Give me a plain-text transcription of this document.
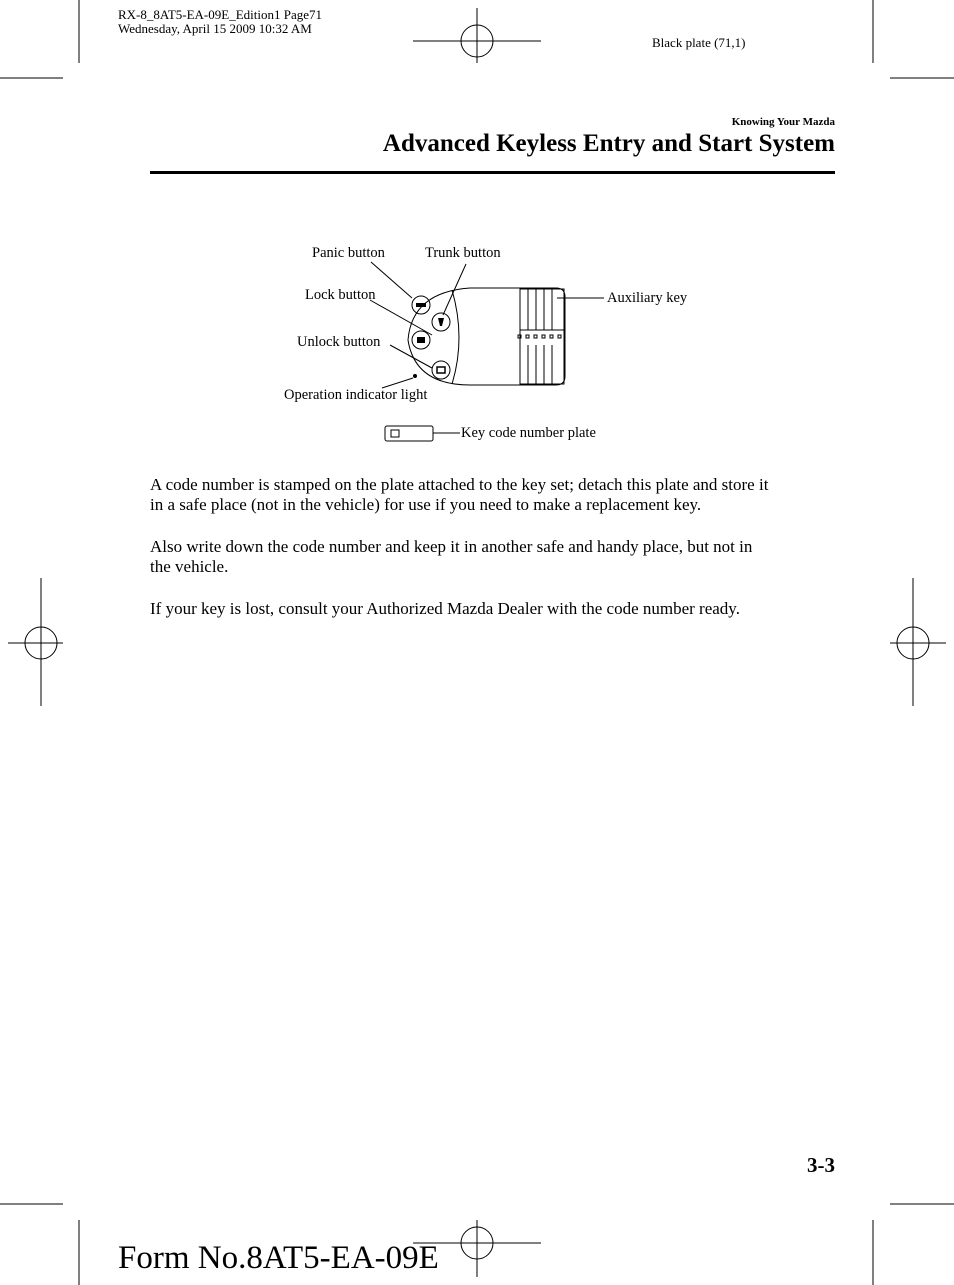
RX-8_8AT5-EA-09E_Edition1 Page71
Wednesday, April 15 2009 10:32 AM
Black plate (71,1)
Knowing Your Mazda
Advanced Keyless Entry and Start System
Panic button	Trunk button
Lock button	Auxiliary key
Unlock button
Operation indicator light
Key code number plate

A code number is stamped on the plate attached to the key set; detach this plate and store it
in a safe place (not in the vehicle) for use if you need to make a replacement key.

Also write down the code number and keep it in another safe and handy place, but not in
the vehicle.

If your key is lost, consult your Authorized Mazda Dealer with the code number ready.

3-3
Form No.8AT5-EA-09E
